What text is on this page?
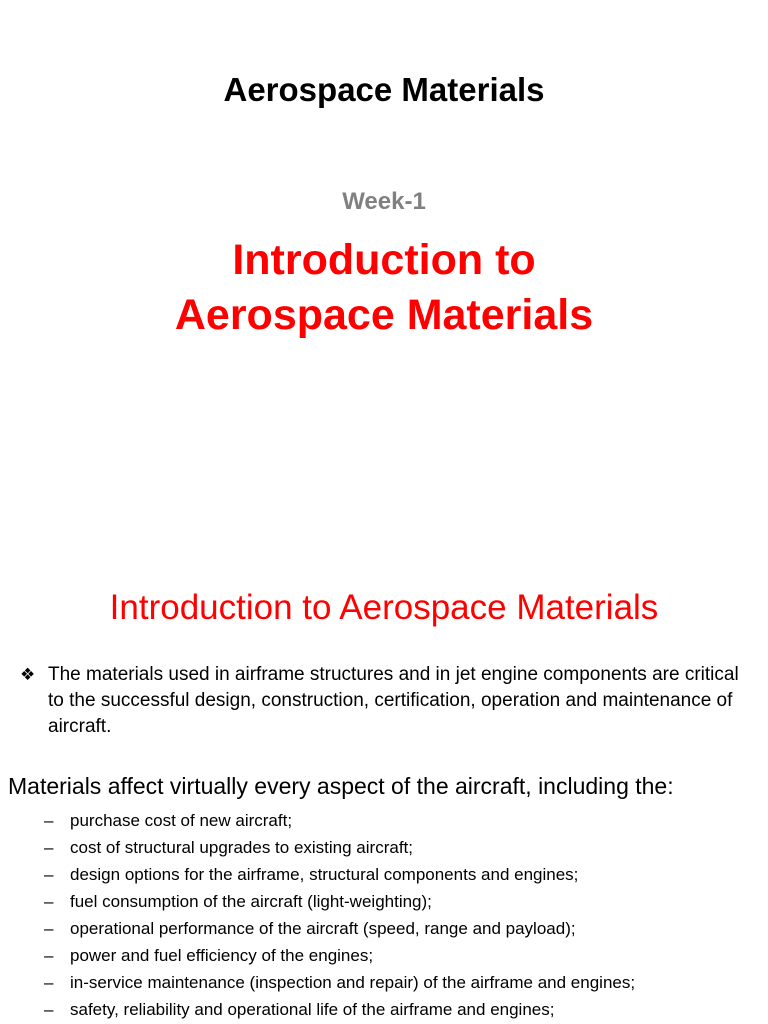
Aerospace Materials
Week-1
Introduction to
Aerospace Materials
Introduction to Aerospace Materials
❖ The materials used in airframe structures and in jet engine components are critical to the successful design, construction, certification, operation and maintenance of aircraft.

Materials affect virtually every aspect of the aircraft, including the:

– purchase cost of new aircraft;
– cost of structural upgrades to existing aircraft;
– design options for the airframe, structural components and engines;
– fuel consumption of the aircraft (light-weighting);
– operational performance of the aircraft (speed, range and payload);
– power and fuel efficiency of the engines;
– in-service maintenance (inspection and repair) of the airframe and engines;
– safety, reliability and operational life of the airframe and engines;
